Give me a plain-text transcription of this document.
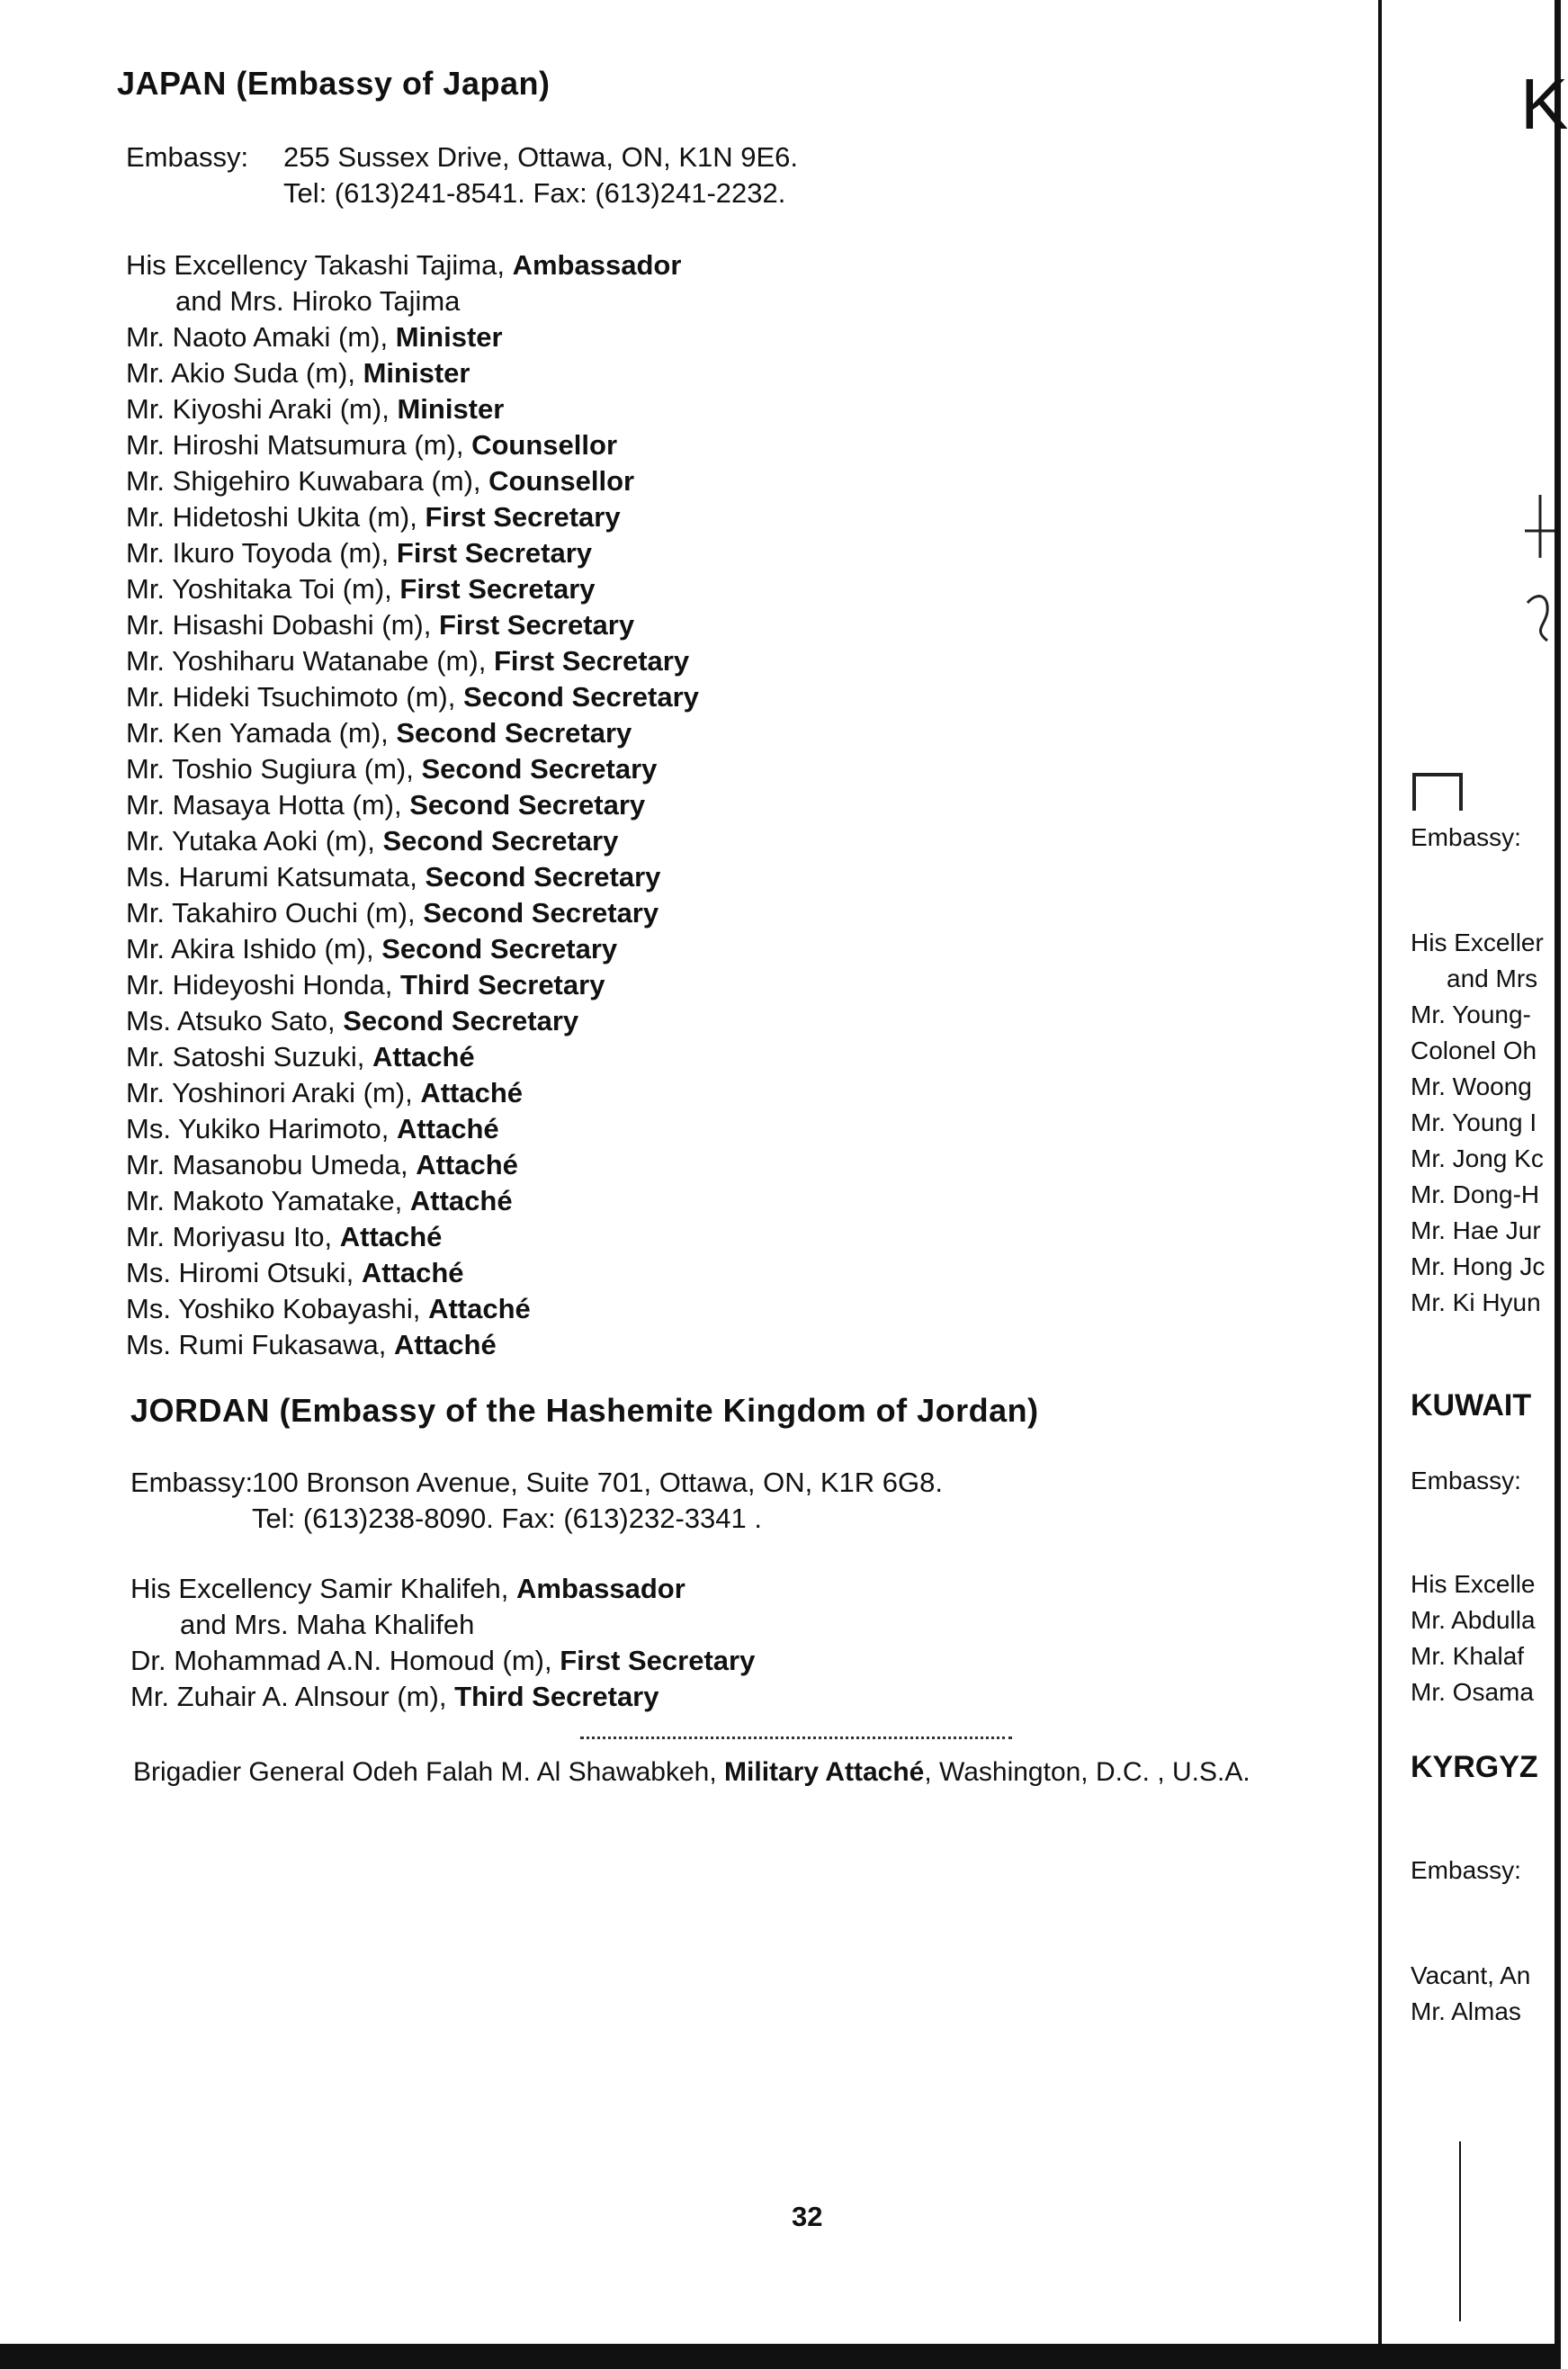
JAPAN (Embassy of Japan)
Embassy: 255 Sussex Drive, Ottawa, ON, K1N 9E6.
Tel: (613)241-8541. Fax: (613)241-2232.
His Excellency Takashi Tajima, Ambassador
and Mrs. Hiroko Tajima
Mr. Naoto Amaki (m), Minister
Mr. Akio Suda (m), Minister
Mr. Kiyoshi Araki (m), Minister
Mr. Hiroshi Matsumura (m), Counsellor
Mr. Shigehiro Kuwabara (m), Counsellor
Mr. Hidetoshi Ukita (m), First Secretary
Mr. Ikuro Toyoda (m), First Secretary
Mr. Yoshitaka Toi (m), First Secretary
Mr. Hisashi Dobashi (m), First Secretary
Mr. Yoshiharu Watanabe (m), First Secretary
Mr. Hideki Tsuchimoto (m), Second Secretary
Mr. Ken Yamada (m), Second Secretary
Mr. Toshio Sugiura (m), Second Secretary
Mr. Masaya Hotta (m), Second Secretary
Mr. Yutaka Aoki (m), Second Secretary
Ms. Harumi Katsumata, Second Secretary
Mr. Takahiro Ouchi (m), Second Secretary
Mr. Akira Ishido (m), Second Secretary
Mr. Hideyoshi Honda, Third Secretary
Ms. Atsuko Sato, Second Secretary
Mr. Satoshi Suzuki, Attaché
Mr. Yoshinori Araki (m), Attaché
Ms. Yukiko Harimoto, Attaché
Mr. Masanobu Umeda, Attaché
Mr. Makoto Yamatake, Attaché
Mr. Moriyasu Ito, Attaché
Ms. Hiromi Otsuki, Attaché
Ms. Yoshiko Kobayashi, Attaché
Ms. Rumi Fukasawa, Attaché
JORDAN (Embassy of the Hashemite Kingdom of Jordan)
Embassy:
100 Bronson Avenue, Suite 701, Ottawa, ON, K1R 6G8.
Tel: (613)238-8090. Fax: (613)232-3341 .
His Excellency Samir Khalifeh, Ambassador
and Mrs. Maha Khalifeh
Dr. Mohammad A.N. Homoud (m), First Secretary
Mr. Zuhair A. Alnsour (m), Third Secretary
Brigadier General Odeh Falah M. Al Shawabkeh, Military Attaché, Washington, D.C. , U.S.A.
32
K
Embassy:
His Exceller
and Mrs
Mr. Young-
Colonel Oh
Mr. Woong
Mr. Young I
Mr. Jong Kc
Mr. Dong-H
Mr. Hae Jur
Mr. Hong Jc
Mr. Ki Hyun
KUWAIT
Embassy:
His Excelle
Mr. Abdulla
Mr. Khalaf
Mr. Osama
KYRGYZ
Embassy:
Vacant, An
Mr. Almas
